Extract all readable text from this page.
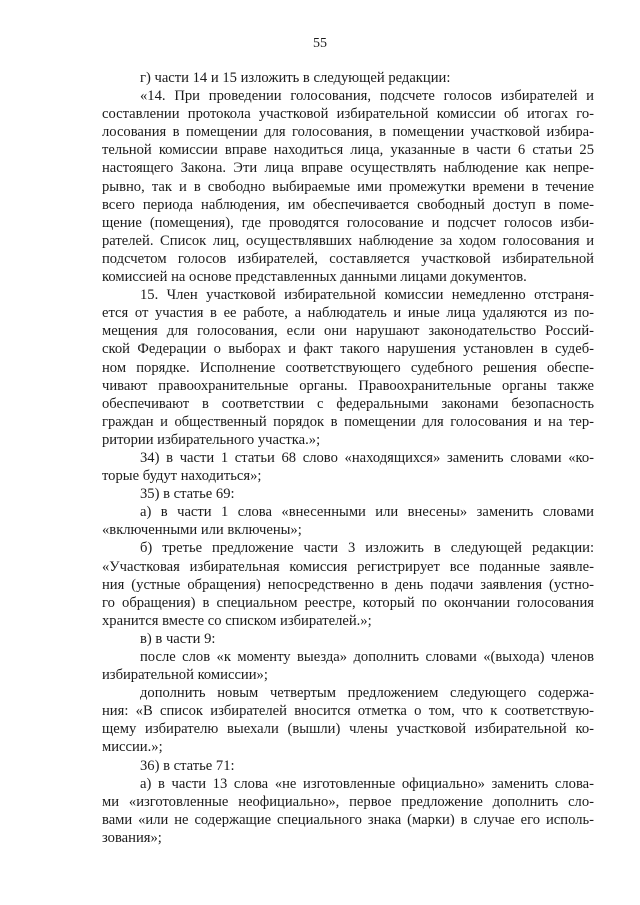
55
г) части 14 и 15 изложить в следующей редакции:
«14. При проведении голосования, подсчете голосов избирателей и
составлении протокола участковой избирательной комиссии об итогах го-
лосования в помещении для голосования, в помещении участковой избира-
тельной комиссии вправе находиться лица, указанные в части 6 статьи 25
настоящего Закона. Эти лица вправе осуществлять наблюдение как непре-
рывно, так и в свободно выбираемые ими промежутки времени в течение
всего периода наблюдения, им обеспечивается свободный доступ в поме-
щение (помещения), где проводятся голосование и подсчет голосов изби-
рателей. Список лиц, осуществлявших наблюдение за ходом голосования и
подсчетом голосов избирателей, составляется участковой избирательной
комиссией на основе представленных данными лицами документов.
15. Член участковой избирательной комиссии немедленно отстраня-
ется от участия в ее работе, а наблюдатель и иные лица удаляются из по-
мещения для голосования, если они нарушают законодательство Россий-
ской Федерации о выборах и факт такого нарушения установлен в судеб-
ном порядке. Исполнение соответствующего судебного решения обеспе-
чивают правоохранительные органы. Правоохранительные органы также
обеспечивают в соответствии с федеральными законами безопасность
граждан и общественный порядок в помещении для голосования и на тер-
ритории избирательного участка.»;
34) в части 1 статьи 68 слово «находящихся» заменить словами «ко-
торые будут находиться»;
35) в статье 69:
а) в части 1 слова «внесенными или внесены» заменить словами
«включенными или включены»;
б) третье предложение части 3 изложить в следующей редакции:
«Участковая избирательная комиссия регистрирует все поданные заявле-
ния (устные обращения) непосредственно в день подачи заявления (устно-
го обращения) в специальном реестре, который по окончании голосования
хранится вместе со списком избирателей.»;
в) в части 9:
после слов «к моменту выезда» дополнить словами «(выхода) членов
избирательной комиссии»;
дополнить новым четвертым предложением следующего содержа-
ния: «В список избирателей вносится отметка о том, что к соответствую-
щему избирателю выехали (вышли) члены участковой избирательной ко-
миссии.»;
36) в статье 71:
а) в части 13 слова «не изготовленные официально» заменить слова-
ми «изготовленные неофициально», первое предложение дополнить сло-
вами «или не содержащие специального знака (марки) в случае его исполь-
зования»;
